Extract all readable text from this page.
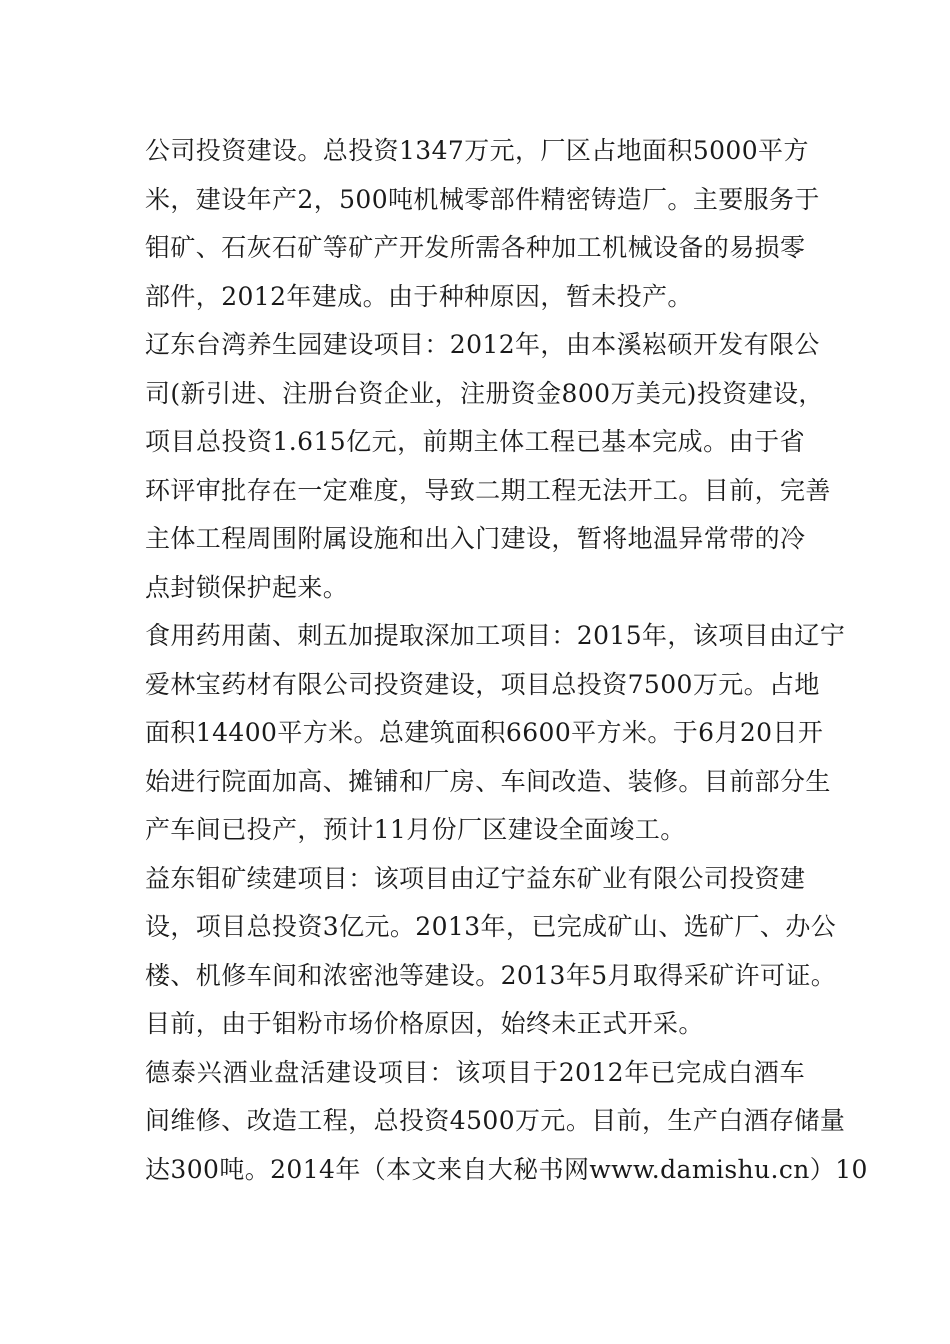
公司投资建设。总投资1347万元，厂区占地面积5000平方
米，建设年产2，500吨机械零部件精密铸造厂。主要服务于
钼矿、石灰石矿等矿产开发所需各种加工机械设备的易损零
部件，2012年建成。由于种种原因，暂未投产。
辽东台湾养生园建设项目：2012年，由本溪崧硕开发有限公
司(新引进、注册台资企业，注册资金800万美元)投资建设，
项目总投资1.615亿元，前期主体工程已基本完成。由于省
环评审批存在一定难度，导致二期工程无法开工。目前，完善
主体工程周围附属设施和出入门建设，暂将地温异常带的冷
点封锁保护起来。
食用药用菌、刺五加提取深加工项目：2015年，该项目由辽宁
爱林宝药材有限公司投资建设，项目总投资7500万元。占地
面积14400平方米。总建筑面积6600平方米。于6月20日开
始进行院面加高、摊铺和厂房、车间改造、装修。目前部分生
产车间已投产，预计11月份厂区建设全面竣工。
益东钼矿续建项目：该项目由辽宁益东矿业有限公司投资建
设，项目总投资3亿元。2013年，已完成矿山、选矿厂、办公
楼、机修车间和浓密池等建设。2013年5月取得采矿许可证。
目前，由于钼粉市场价格原因，始终未正式开采。
德泰兴酒业盘活建设项目：该项目于2012年已完成白酒车
间维修、改造工程，总投资4500万元。目前，生产白酒存储量
达300吨。2014年（本文来自大秘书网www.damishu.cn）10
